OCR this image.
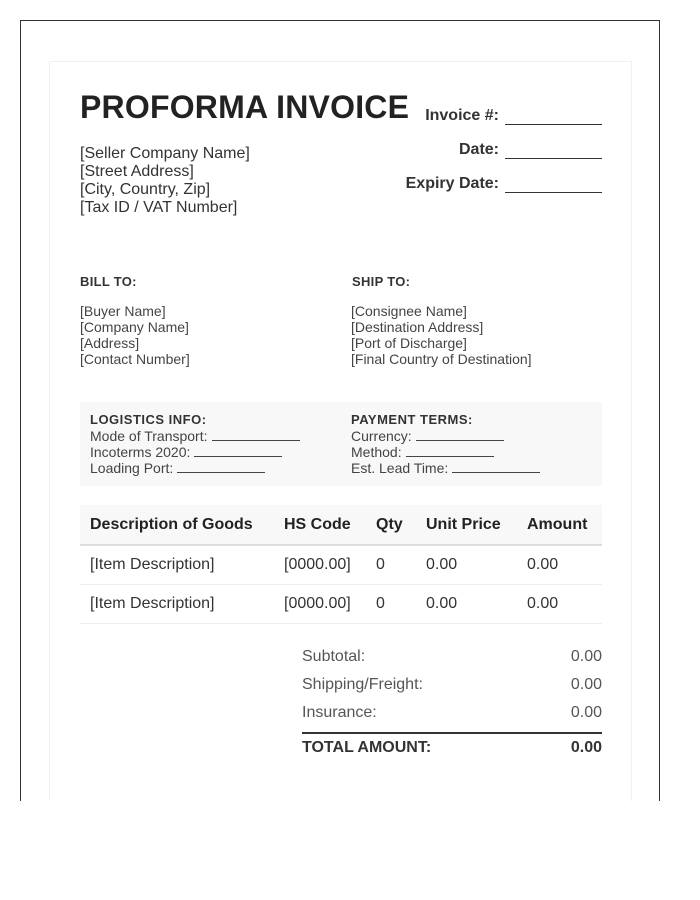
PROFORMA INVOICE
[Seller Company Name]
[Street Address]
[City, Country, Zip]
[Tax ID / VAT Number]
Invoice #:
Date:
Expiry Date:
BILL TO:
[Buyer Name]
[Company Name]
[Address]
[Contact Number]
SHIP TO:
[Consignee Name]
[Destination Address]
[Port of Discharge]
[Final Country of Destination]
LOGISTICS INFO:
Mode of Transport:
Incoterms 2020:
Loading Port:
PAYMENT TERMS:
Currency:
Method:
Est. Lead Time:
Description of Goods	HS Code	Qty	Unit Price	Amount
[Item Description]	[0000.00]	0	0.00	0.00
[Item Description]	[0000.00]	0	0.00	0.00
Subtotal:	0.00
Shipping/Freight:	0.00
Insurance:	0.00
TOTAL AMOUNT:	0.00
